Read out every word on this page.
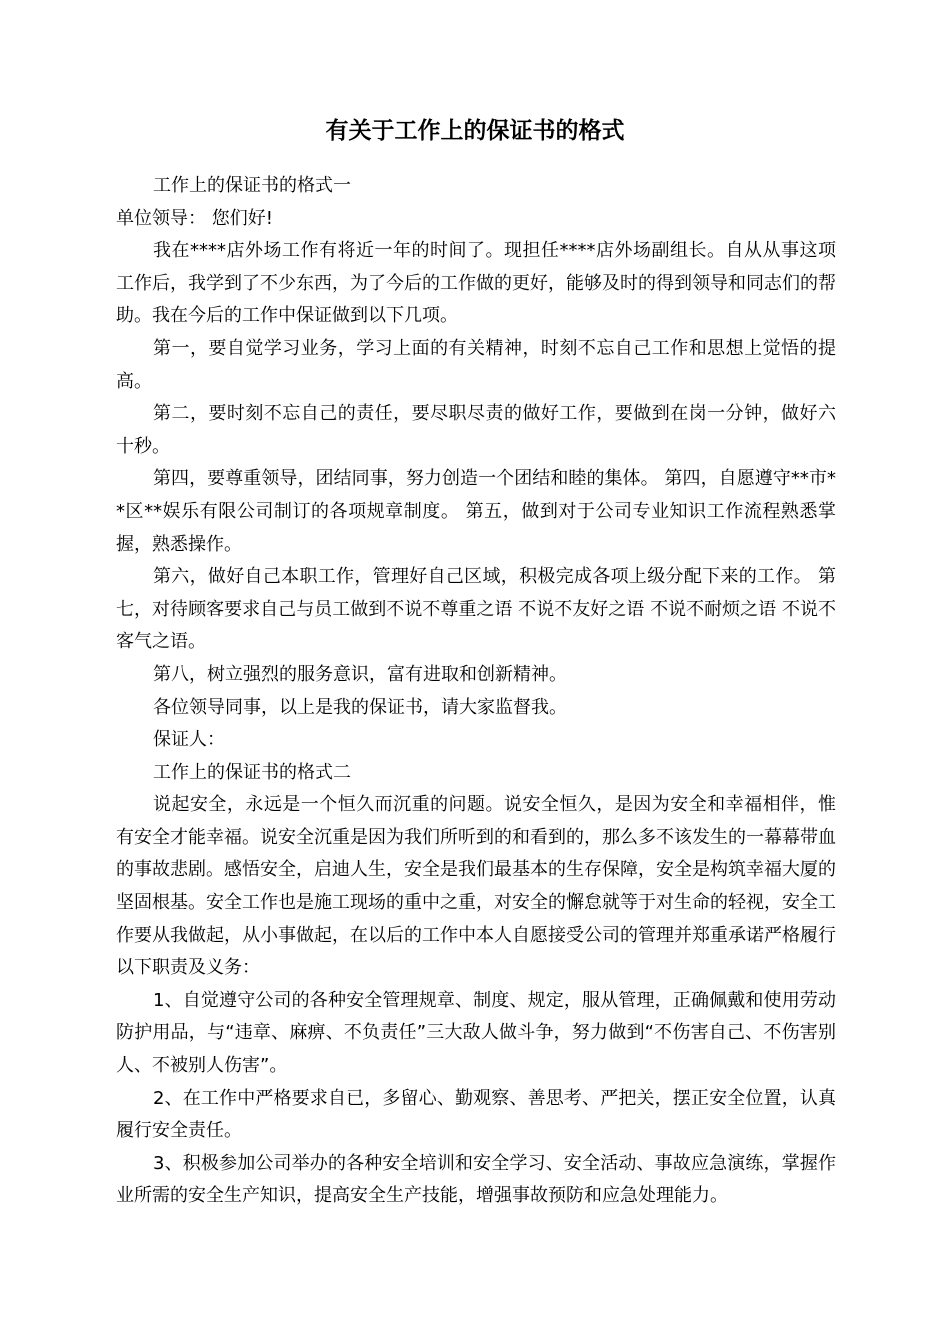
有关于工作上的保证书的格式

工作上的保证书的格式一

单位领导： 您们好!

我在****店外场工作有将近一年的时间了。现担任****店外场副组长。自从从事这项工作后，我学到了不少东西，为了今后的工作做的更好，能够及时的得到领导和同志们的帮助。我在今后的工作中保证做到以下几项。

第一，要自觉学习业务，学习上面的有关精神，时刻不忘自己工作和思想上觉悟的提高。

第二，要时刻不忘自己的责任，要尽职尽责的做好工作，要做到在岗一分钟，做好六十秒。

第四，要尊重领导，团结同事，努力创造一个团结和睦的集体。 第四，自愿遵守**市**区**娱乐有限公司制订的各项规章制度。 第五，做到对于公司专业知识工作流程熟悉掌握，熟悉操作。

第六，做好自己本职工作，管理好自己区域，积极完成各项上级分配下来的工作。 第七，对待顾客要求自己与员工做到不说不尊重之语 不说不友好之语 不说不耐烦之语 不说不客气之语。

第八，树立强烈的服务意识，富有进取和创新精神。

各位领导同事，以上是我的保证书，请大家监督我。

保证人：

工作上的保证书的格式二

说起安全，永远是一个恒久而沉重的问题。说安全恒久，是因为安全和幸福相伴，惟有安全才能幸福。说安全沉重是因为我们所听到的和看到的，那么多不该发生的一幕幕带血的事故悲剧。感悟安全，启迪人生，安全是我们最基本的生存保障，安全是构筑幸福大厦的坚固根基。安全工作也是施工现场的重中之重，对安全的懈怠就等于对生命的轻视，安全工作要从我做起，从小事做起，在以后的工作中本人自愿接受公司的管理并郑重承诺严格履行以下职责及义务：

1、自觉遵守公司的各种安全管理规章、制度、规定，服从管理，正确佩戴和使用劳动防护用品，与“违章、麻痹、不负责任”三大敌人做斗争，努力做到“不伤害自己、不伤害别人、不被别人伤害”。

2、在工作中严格要求自已，多留心、勤观察、善思考、严把关，摆正安全位置，认真履行安全责任。

3、积极参加公司举办的各种安全培训和安全学习、安全活动、事故应急演练，掌握作业所需的安全生产知识，提高安全生产技能，增强事故预防和应急处理能力。
